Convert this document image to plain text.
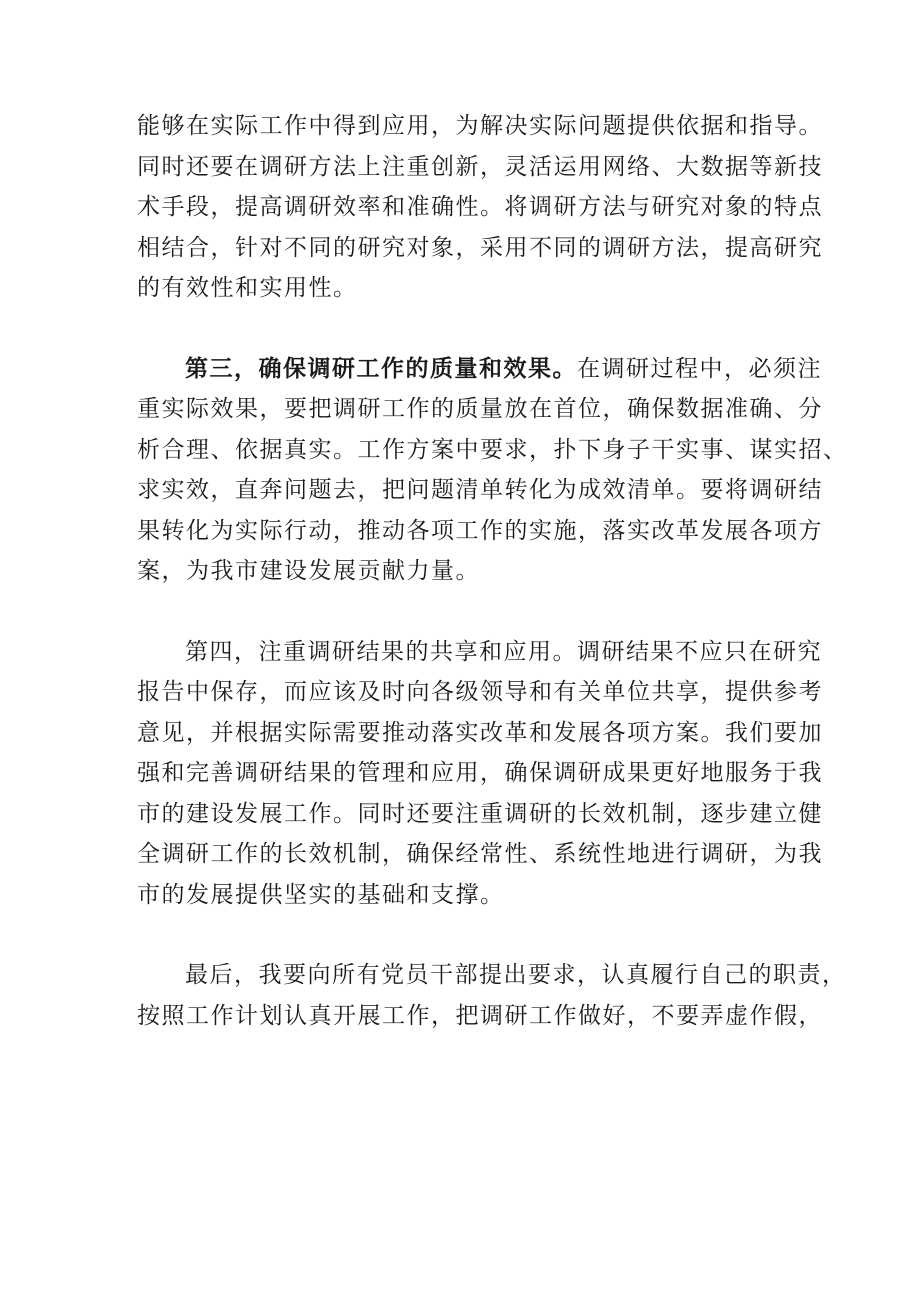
能够在实际工作中得到应用，为解决实际问题提供依据和指导。
同时还要在调研方法上注重创新，灵活运用网络、大数据等新技
术手段，提高调研效率和准确性。将调研方法与研究对象的特点
相结合，针对不同的研究对象，采用不同的调研方法，提高研究
的有效性和实用性。

第三，确保调研工作的质量和效果。在调研过程中，必须注
重实际效果，要把调研工作的质量放在首位，确保数据准确、分
析合理、依据真实。工作方案中要求，扑下身子干实事、谋实招、
求实效，直奔问题去，把问题清单转化为成效清单。要将调研结
果转化为实际行动，推动各项工作的实施，落实改革发展各项方
案，为我市建设发展贡献力量。

第四，注重调研结果的共享和应用。调研结果不应只在研究
报告中保存，而应该及时向各级领导和有关单位共享，提供参考
意见，并根据实际需要推动落实改革和发展各项方案。我们要加
强和完善调研结果的管理和应用，确保调研成果更好地服务于我
市的建设发展工作。同时还要注重调研的长效机制，逐步建立健
全调研工作的长效机制，确保经常性、系统性地进行调研，为我
市的发展提供坚实的基础和支撑。

最后，我要向所有党员干部提出要求，认真履行自己的职责，
按照工作计划认真开展工作，把调研工作做好，不要弄虚作假，
